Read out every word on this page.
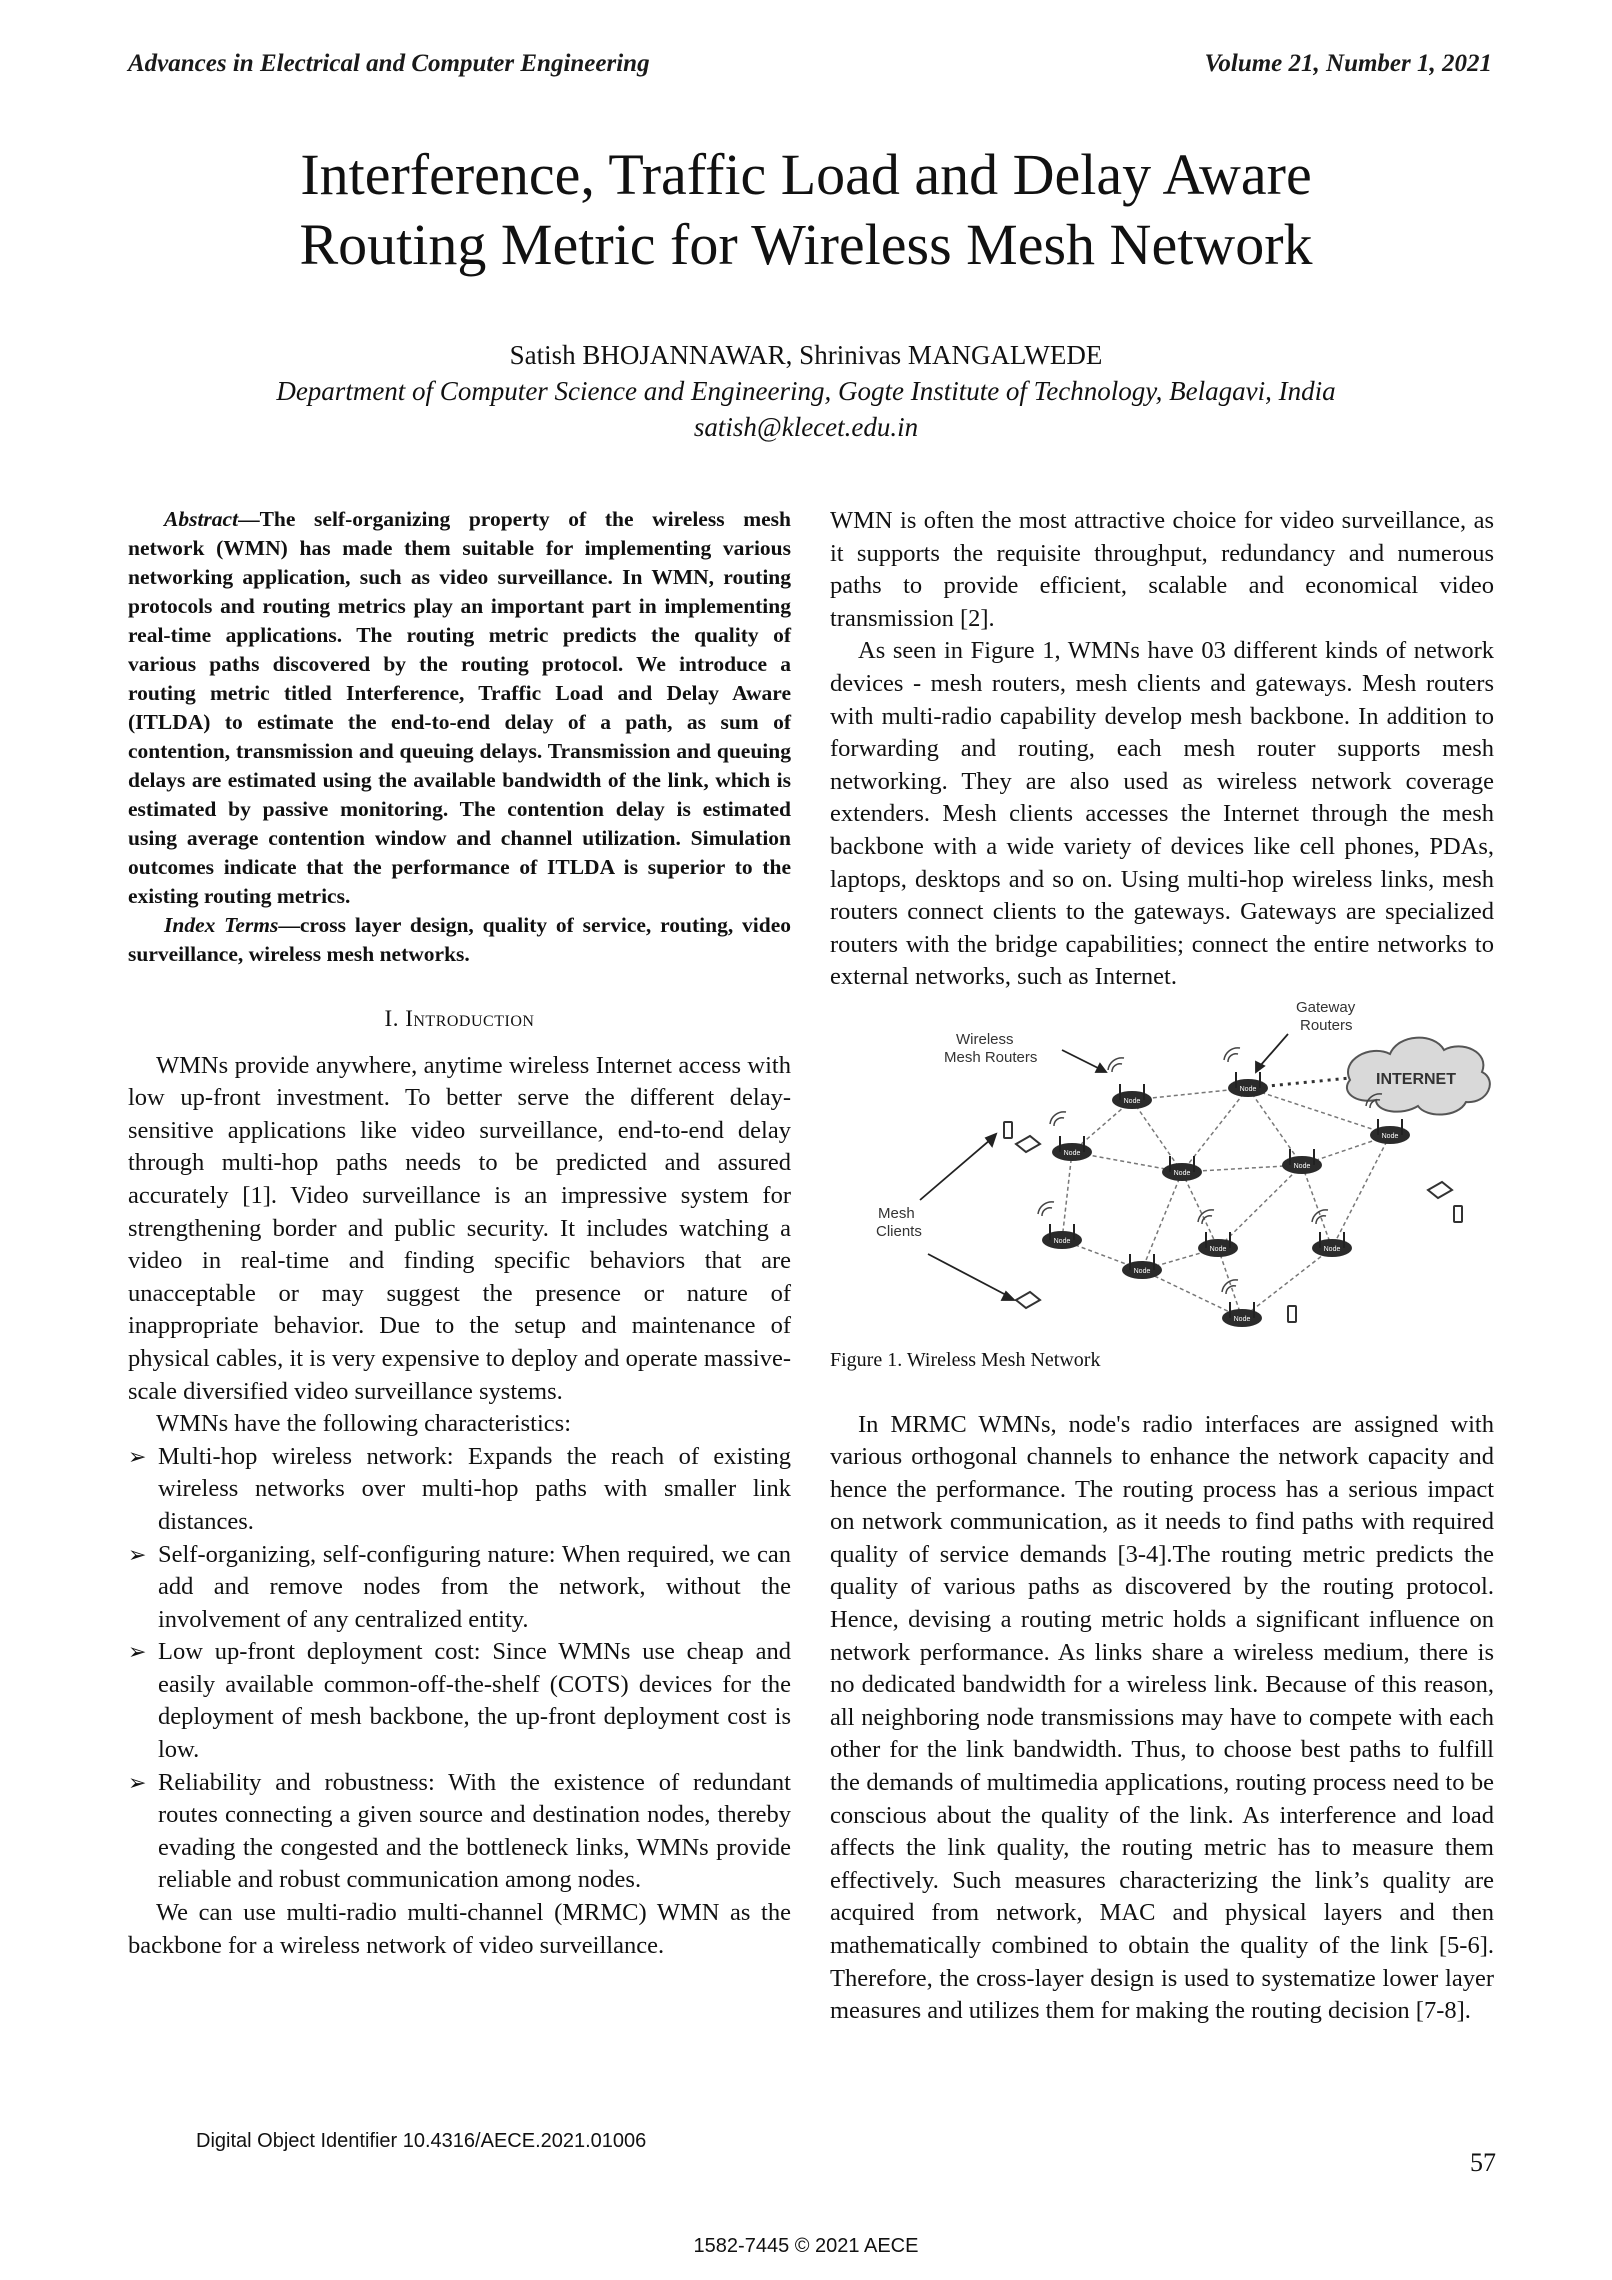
Advances in Electrical and Computer Engineering	Volume 21, Number 1, 2021
Interference, Traffic Load and Delay Aware
Routing Metric for Wireless Mesh Network
Satish BHOJANNAWAR, Shrinivas MANGALWEDE
Department of Computer Science and Engineering, Gogte Institute of Technology, Belagavi, India
satish@klecet.edu.in

Abstract—The self-organizing property of the wireless mesh network (WMN) has made them suitable for implementing various networking application, such as video surveillance. In WMN, routing protocols and routing metrics play an important part in implementing real-time applications. The routing metric predicts the quality of various paths discovered by the routing protocol. We introduce a routing metric titled Interference, Traffic Load and Delay Aware (ITLDA) to estimate the end-to-end delay of a path, as sum of contention, transmission and queuing delays. Transmission and queuing delays are estimated using the available bandwidth of the link, which is estimated by passive monitoring. The contention delay is estimated using average contention window and channel utilization. Simulation outcomes indicate that the performance of ITLDA is superior to the existing routing metrics.

Index Terms—cross layer design, quality of service, routing, video surveillance, wireless mesh networks.

I. Introduction

WMNs provide anywhere, anytime wireless Internet access with low up-front investment. To better serve the different delay-sensitive applications like video surveillance, end-to-end delay through multi-hop paths needs to be predicted and assured accurately [1]. Video surveillance is an impressive system for strengthening border and public security. It includes watching a video in real-time and finding specific behaviors that are unacceptable or may suggest the presence or nature of inappropriate behavior. Due to the setup and maintenance of physical cables, it is very expensive to deploy and operate massive-scale diversified video surveillance systems.

WMNs have the following characteristics:

➢ Multi-hop wireless network: Expands the reach of existing wireless networks over multi-hop paths with smaller link distances.
➢ Self-organizing, self-configuring nature: When required, we can add and remove nodes from the network, without the involvement of any centralized entity.
➢ Low up-front deployment cost: Since WMNs use cheap and easily available common-off-the-shelf (COTS) devices for the deployment of mesh backbone, the up-front deployment cost is low.
➢ Reliability and robustness: With the existence of redundant routes connecting a given source and destination nodes, thereby evading the congested and the bottleneck links, WMNs provide reliable and robust communication among nodes.

We can use multi-radio multi-channel (MRMC) WMN as the backbone for a wireless network of video surveillance.

WMN is often the most attractive choice for video surveillance, as it supports the requisite throughput, redundancy and numerous paths to provide efficient, scalable and economical video transmission [2].

As seen in Figure 1, WMNs have 03 different kinds of network devices - mesh routers, mesh clients and gateways. Mesh routers with multi-radio capability develop mesh backbone. In addition to forwarding and routing, each mesh router supports mesh networking. They are also used as wireless network coverage extenders. Mesh clients accesses the Internet through the mesh backbone with a wide variety of devices like cell phones, PDAs, laptops, desktops and so on. Using multi-hop wireless links, mesh routers connect clients to the gateways. Gateways are specialized routers with the bridge capabilities; connect the entire networks to external networks, such as Internet.

INTERNET
Node
Node
Node
Node
Node
Node
Node
Node
Node	Node
Node
Gateway
Routers
Wireless
Mesh Routers
Mesh
Clients
Figure 1. Wireless Mesh Network

In MRMC WMNs, node's radio interfaces are assigned with various orthogonal channels to enhance the network capacity and hence the performance. The routing process has a serious impact on network communication, as it needs to find paths with required quality of service demands [3-4].The routing metric predicts the quality of various paths as discovered by the routing protocol. Hence, devising a routing metric holds a significant influence on network performance. As links share a wireless medium, there is no dedicated bandwidth for a wireless link. Because of this reason, all neighboring node transmissions may have to compete with each other for the link bandwidth. Thus, to choose best paths to fulfill the demands of multimedia applications, routing process need to be conscious about the quality of the link. As interference and load affects the link quality, the routing metric has to measure them effectively. Such measures characterizing the link’s quality are acquired from network, MAC and physical layers and then mathematically combined to obtain the quality of the link [5-6]. Therefore, the cross-layer design is used to systematize lower layer measures and utilizes them for making the routing decision [7-8].

Digital Object Identifier 10.4316/AECE.2021.01006
57
1582-7445 © 2021 AECE
